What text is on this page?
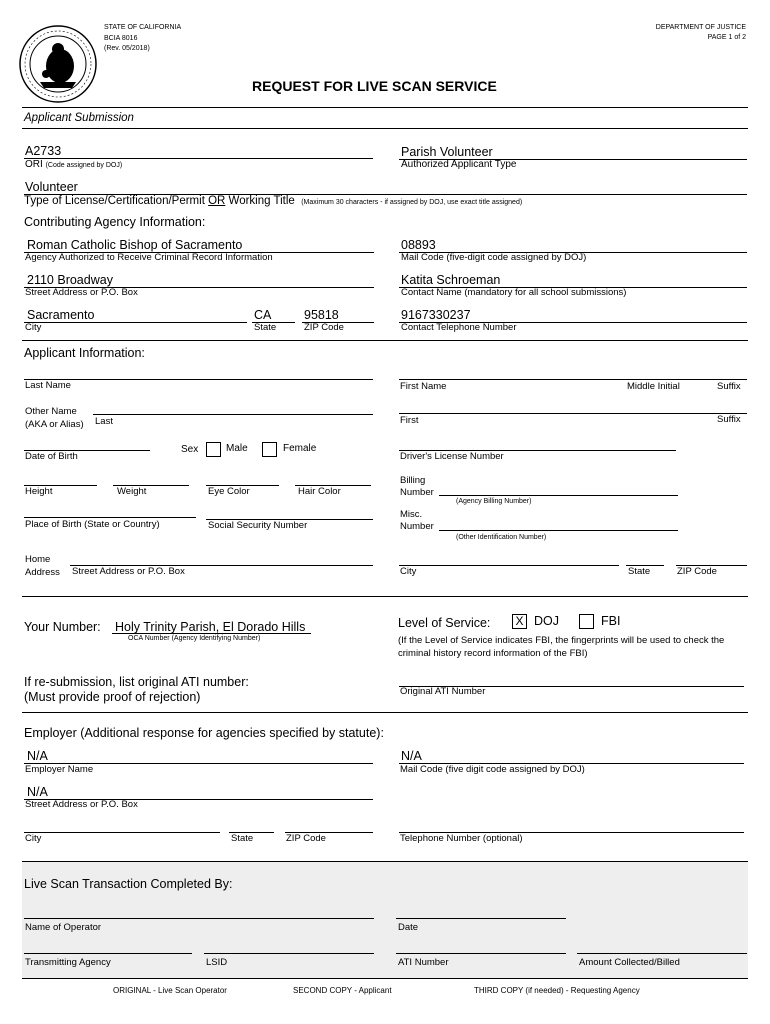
STATE OF CALIFORNIA
BCIA 8016
(Rev. 05/2018)
DEPARTMENT OF JUSTICE
PAGE 1 of 2
REQUEST FOR LIVE SCAN SERVICE
Applicant Submission
A2733
ORI (Code assigned by DOJ)
Parish Volunteer
Authorized Applicant Type
Volunteer
Type of License/Certification/Permit OR Working Title (Maximum 30 characters - if assigned by DOJ, use exact title assigned)
Contributing Agency Information:
Roman Catholic Bishop of Sacramento
Agency Authorized to Receive Criminal Record Information
08893
Mail Code (five-digit code assigned by DOJ)
2110 Broadway
Street Address or P.O. Box
Katita Schroeman
Contact Name (mandatory for all school submissions)
Sacramento
City
CA
State
95818
ZIP Code
9167330237
Contact Telephone Number
Applicant Information:
Last Name	First Name	Middle Initial	Suffix
Other Name
(AKA or Alias) Last	First	Suffix
Date of Birth
Sex	Male	Female
Driver's License Number
Height	Weight	Eye Color	Hair Color
Billing
Number
(Agency Billing Number)
Place of Birth (State or Country)	Social Security Number
Misc.
Number
(Other Identification Number)
Home
Address Street Address or P.O. Box	City	State	ZIP Code
Your Number: Holy Trinity Parish, El Dorado Hills
OCA Number (Agency Identifying Number)
Level of Service: X DOJ	FBI
(If the Level of Service indicates FBI, the fingerprints will be used to check the
criminal history record information of the FBI)
If re-submission, list original ATI number:
(Must provide proof of rejection)	Original ATI Number
Employer (Additional response for agencies specified by statute):
N/A
Employer Name
N/A
Mail Code (five digit code assigned by DOJ)
N/A
Street Address or P.O. Box
City	State	ZIP Code	Telephone Number (optional)
Live Scan Transaction Completed By:
Name of Operator	Date
Transmitting Agency	LSID	ATI Number	Amount Collected/Billed
ORIGINAL - Live Scan Operator	SECOND COPY - Applicant	THIRD COPY (if needed) - Requesting Agency
